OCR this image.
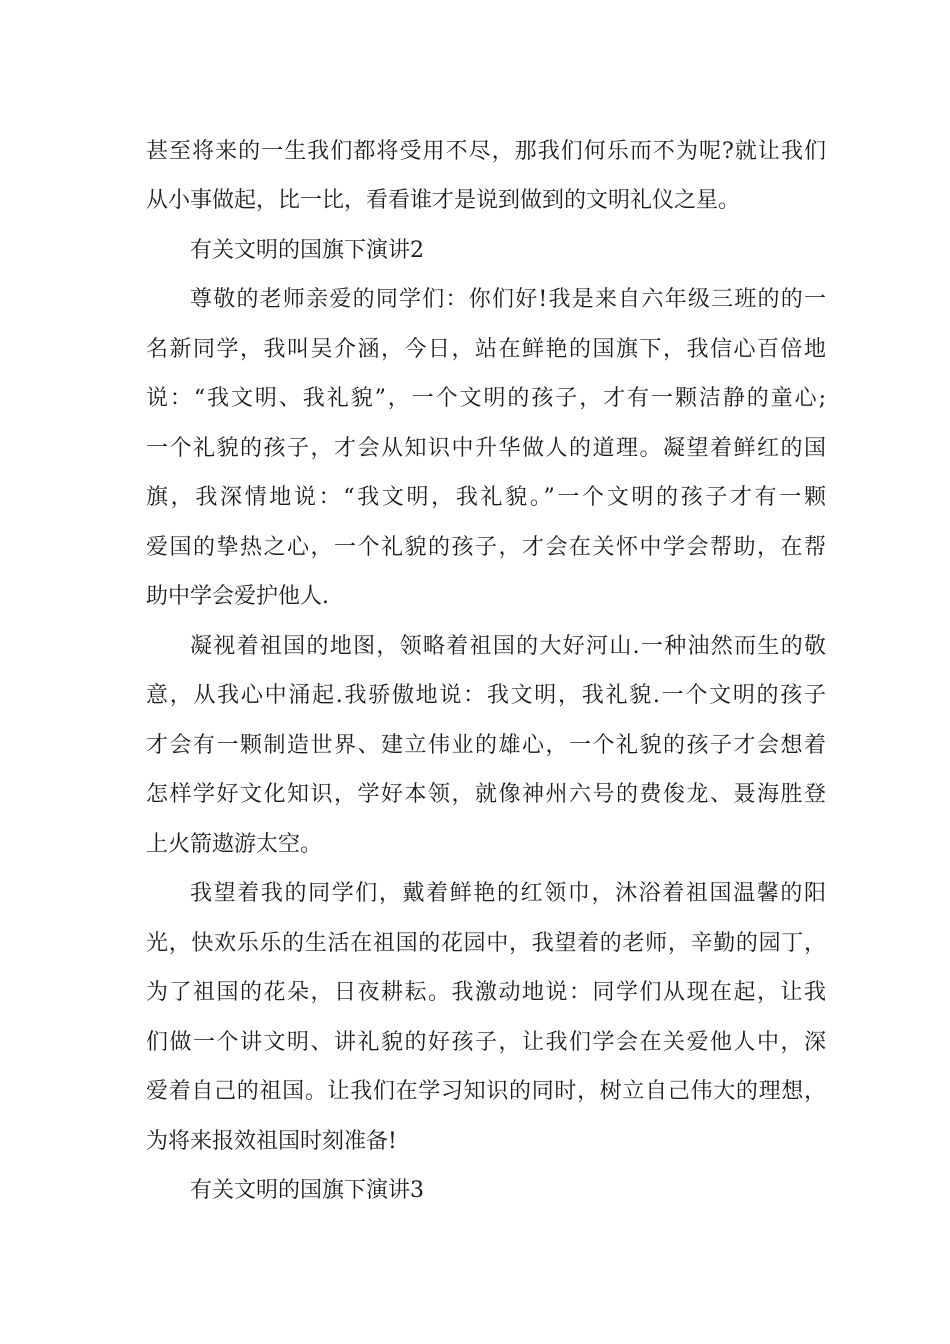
甚至将来的一生我们都将受用不尽，那我们何乐而不为呢?就让我们
从小事做起，比一比，看看谁才是说到做到的文明礼仪之星。
有关文明的国旗下演讲2
尊敬的老师亲爱的同学们：你们好!我是来自六年级三班的的一
名新同学，我叫吴介涵，今日，站在鲜艳的国旗下，我信心百倍地
说：“我文明、我礼貌”，一个文明的孩子，才有一颗洁静的童心;
一个礼貌的孩子，才会从知识中升华做人的道理。凝望着鲜红的国
旗，我深情地说：“我文明，我礼貌。”一个文明的孩子才有一颗
爱国的挚热之心，一个礼貌的孩子，才会在关怀中学会帮助，在帮
助中学会爱护他人.
凝视着祖国的地图，领略着祖国的大好河山.一种油然而生的敬
意，从我心中涌起.我骄傲地说：我文明，我礼貌.一个文明的孩子
才会有一颗制造世界、建立伟业的雄心，一个礼貌的孩子才会想着
怎样学好文化知识，学好本领，就像神州六号的费俊龙、聂海胜登
上火箭遨游太空。
我望着我的同学们，戴着鲜艳的红领巾，沐浴着祖国温馨的阳
光，快欢乐乐的生活在祖国的花园中，我望着的老师，辛勤的园丁，
为了祖国的花朵，日夜耕耘。我激动地说：同学们从现在起，让我
们做一个讲文明、讲礼貌的好孩子，让我们学会在关爱他人中，深
爱着自己的祖国。让我们在学习知识的同时，树立自己伟大的理想，
为将来报效祖国时刻准备!
有关文明的国旗下演讲3
